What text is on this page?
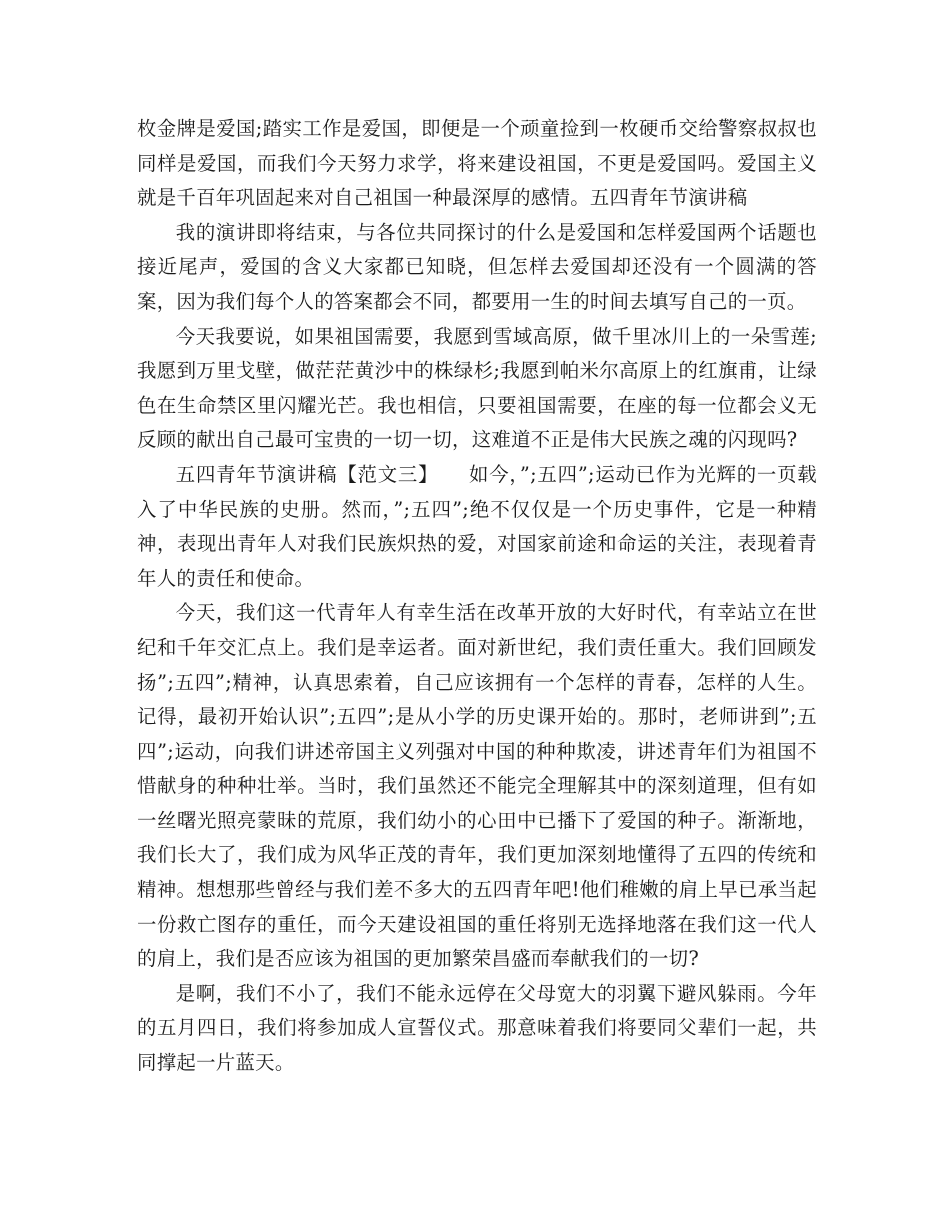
枚金牌是爱国;踏实工作是爱国，即便是一个顽童捡到一枚硬币交给警察叔叔也同样是爱国，而我们今天努力求学，将来建设祖国，不更是爱国吗。爱国主义就是千百年巩固起来对自己祖国一种最深厚的感情。五四青年节演讲稿

我的演讲即将结束，与各位共同探讨的什么是爱国和怎样爱国两个话题也接近尾声，爱国的含义大家都已知晓，但怎样去爱国却还没有一个圆满的答案，因为我们每个人的答案都会不同，都要用一生的时间去填写自己的一页。

今天我要说，如果祖国需要，我愿到雪域高原，做千里冰川上的一朵雪莲;我愿到万里戈壁，做茫茫黄沙中的株绿杉;我愿到帕米尔高原上的红旗甫，让绿色在生命禁区里闪耀光芒。我也相信，只要祖国需要，在座的每一位都会义无反顾的献出自己最可宝贵的一切一切，这难道不正是伟大民族之魂的闪现吗?

五四青年节演讲稿【范文三】　　如今，”;五四”;运动已作为光辉的一页载入了中华民族的史册。然而，”;五四”;绝不仅仅是一个历史事件，它是一种精神，表现出青年人对我们民族炽热的爱，对国家前途和命运的关注，表现着青年人的责任和使命。

今天，我们这一代青年人有幸生活在改革开放的大好时代，有幸站立在世纪和千年交汇点上。我们是幸运者。面对新世纪，我们责任重大。我们回顾发扬”;五四”;精神，认真思索着，自己应该拥有一个怎样的青春，怎样的人生。记得，最初开始认识”;五四”;是从小学的历史课开始的。那时，老师讲到”;五四”;运动，向我们讲述帝国主义列强对中国的种种欺凌，讲述青年们为祖国不惜献身的种种壮举。当时，我们虽然还不能完全理解其中的深刻道理，但有如一丝曙光照亮蒙昧的荒原，我们幼小的心田中已播下了爱国的种子。渐渐地，我们长大了，我们成为风华正茂的青年，我们更加深刻地懂得了五四的传统和精神。想想那些曾经与我们差不多大的五四青年吧!他们稚嫩的肩上早已承当起一份救亡图存的重任，而今天建设祖国的重任将别无选择地落在我们这一代人的肩上，我们是否应该为祖国的更加繁荣昌盛而奉献我们的一切?

是啊，我们不小了，我们不能永远停在父母宽大的羽翼下避风躲雨。今年的五月四日，我们将参加成人宣誓仪式。那意味着我们将要同父辈们一起，共同撑起一片蓝天。
